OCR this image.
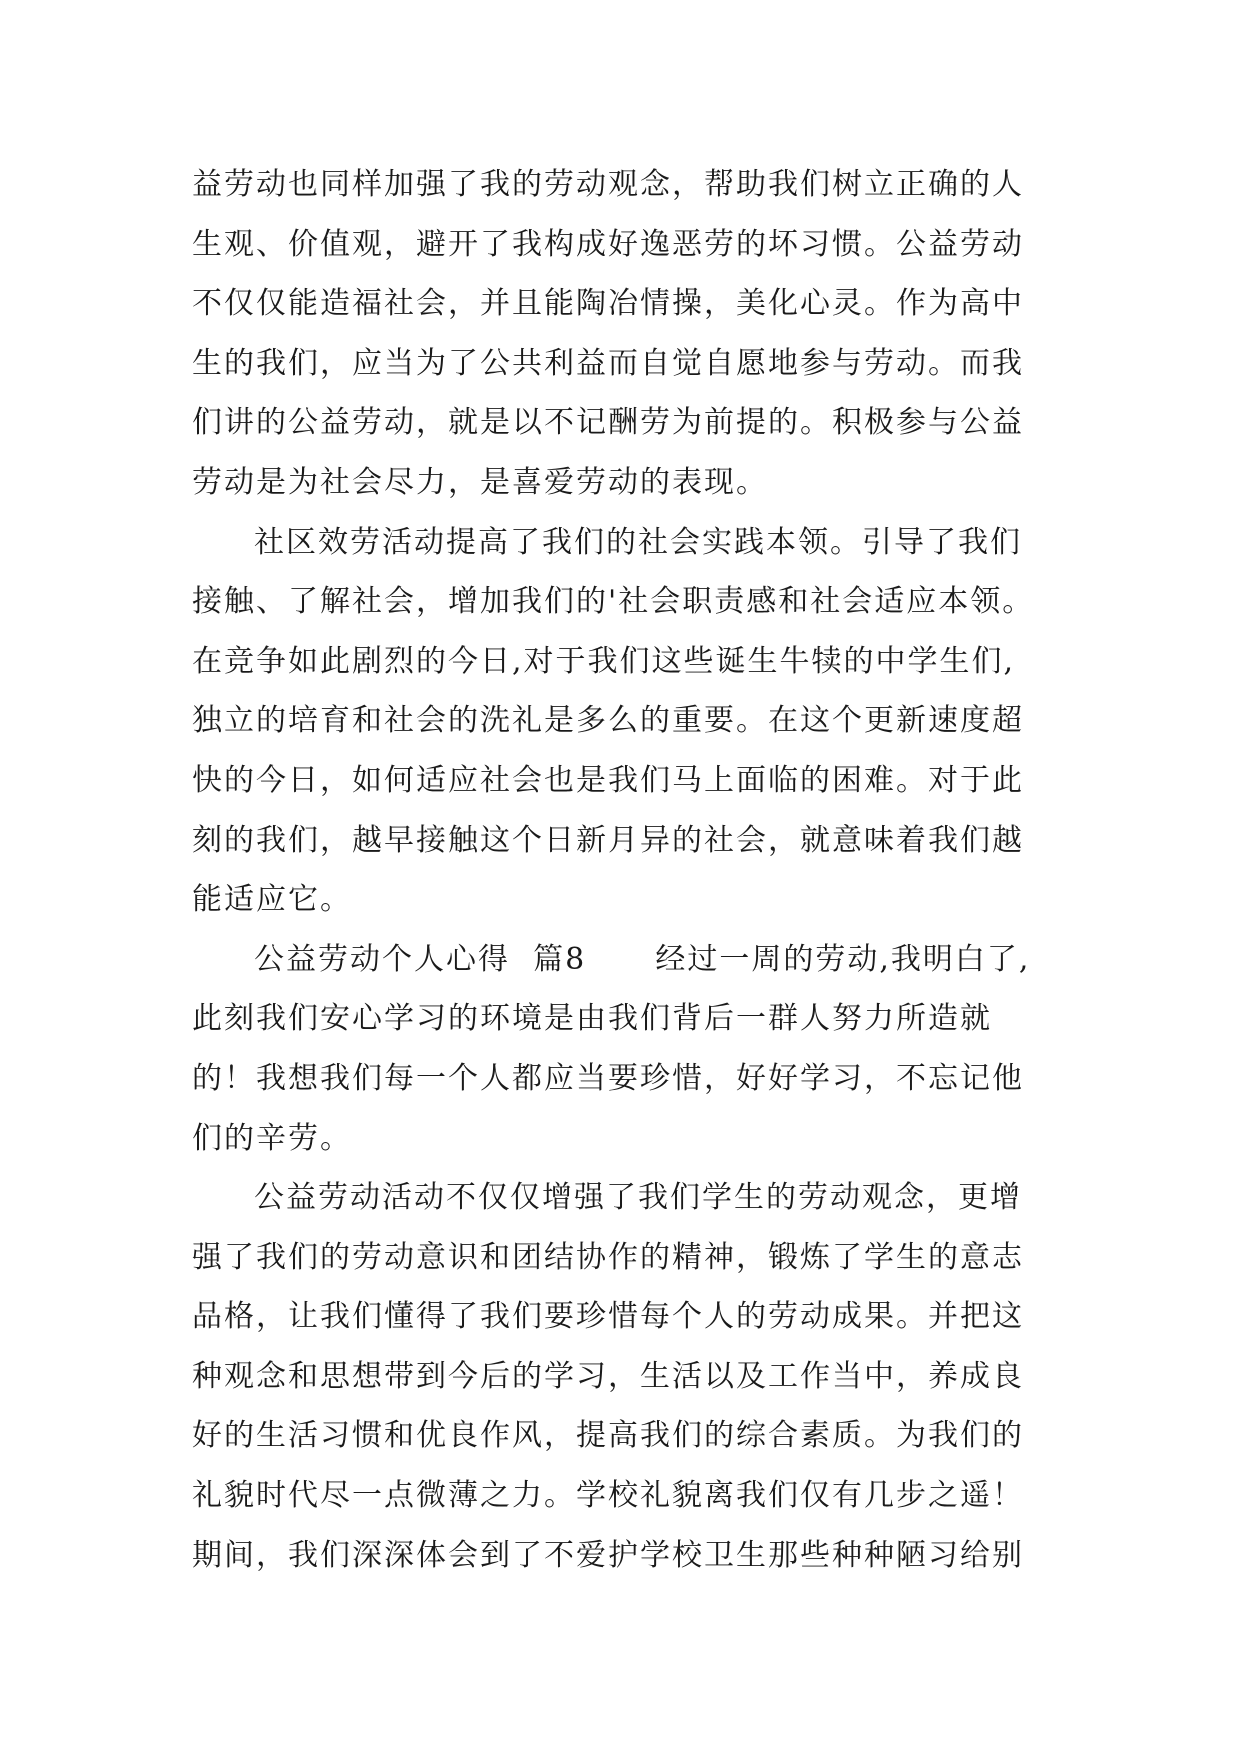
益劳动也同样加强了我的劳动观念，帮助我们树立正确的人
生观、价值观，避开了我构成好逸恶劳的坏习惯。公益劳动
不仅仅能造福社会，并且能陶冶情操，美化心灵。作为高中
生的我们，应当为了公共利益而自觉自愿地参与劳动。而我
们讲的公益劳动，就是以不记酬劳为前提的。积极参与公益
劳动是为社会尽力，是喜爱劳动的表现。
社区效劳活动提高了我们的社会实践本领。引导了我们
接触、了解社会，增加我们的'社会职责感和社会适应本领。
在竞争如此剧烈的今日,对于我们这些诞生牛犊的中学生们,
独立的培育和社会的洗礼是多么的重要。在这个更新速度超
快的今日，如何适应社会也是我们马上面临的困难。对于此
刻的我们，越早接触这个日新月异的社会，就意味着我们越
能适应它。
公益劳动个人心得  篇8      经过一周的劳动,我明白了,
此刻我们安心学习的环境是由我们背后一群人努力所造就
的！我想我们每一个人都应当要珍惜，好好学习，不忘记他
们的辛劳。
公益劳动活动不仅仅增强了我们学生的劳动观念，更增
强了我们的劳动意识和团结协作的精神，锻炼了学生的意志
品格，让我们懂得了我们要珍惜每个人的劳动成果。并把这
种观念和思想带到今后的学习，生活以及工作当中，养成良
好的生活习惯和优良作风，提高我们的综合素质。为我们的
礼貌时代尽一点微薄之力。学校礼貌离我们仅有几步之遥！
期间，我们深深体会到了不爱护学校卫生那些种种陋习给别
